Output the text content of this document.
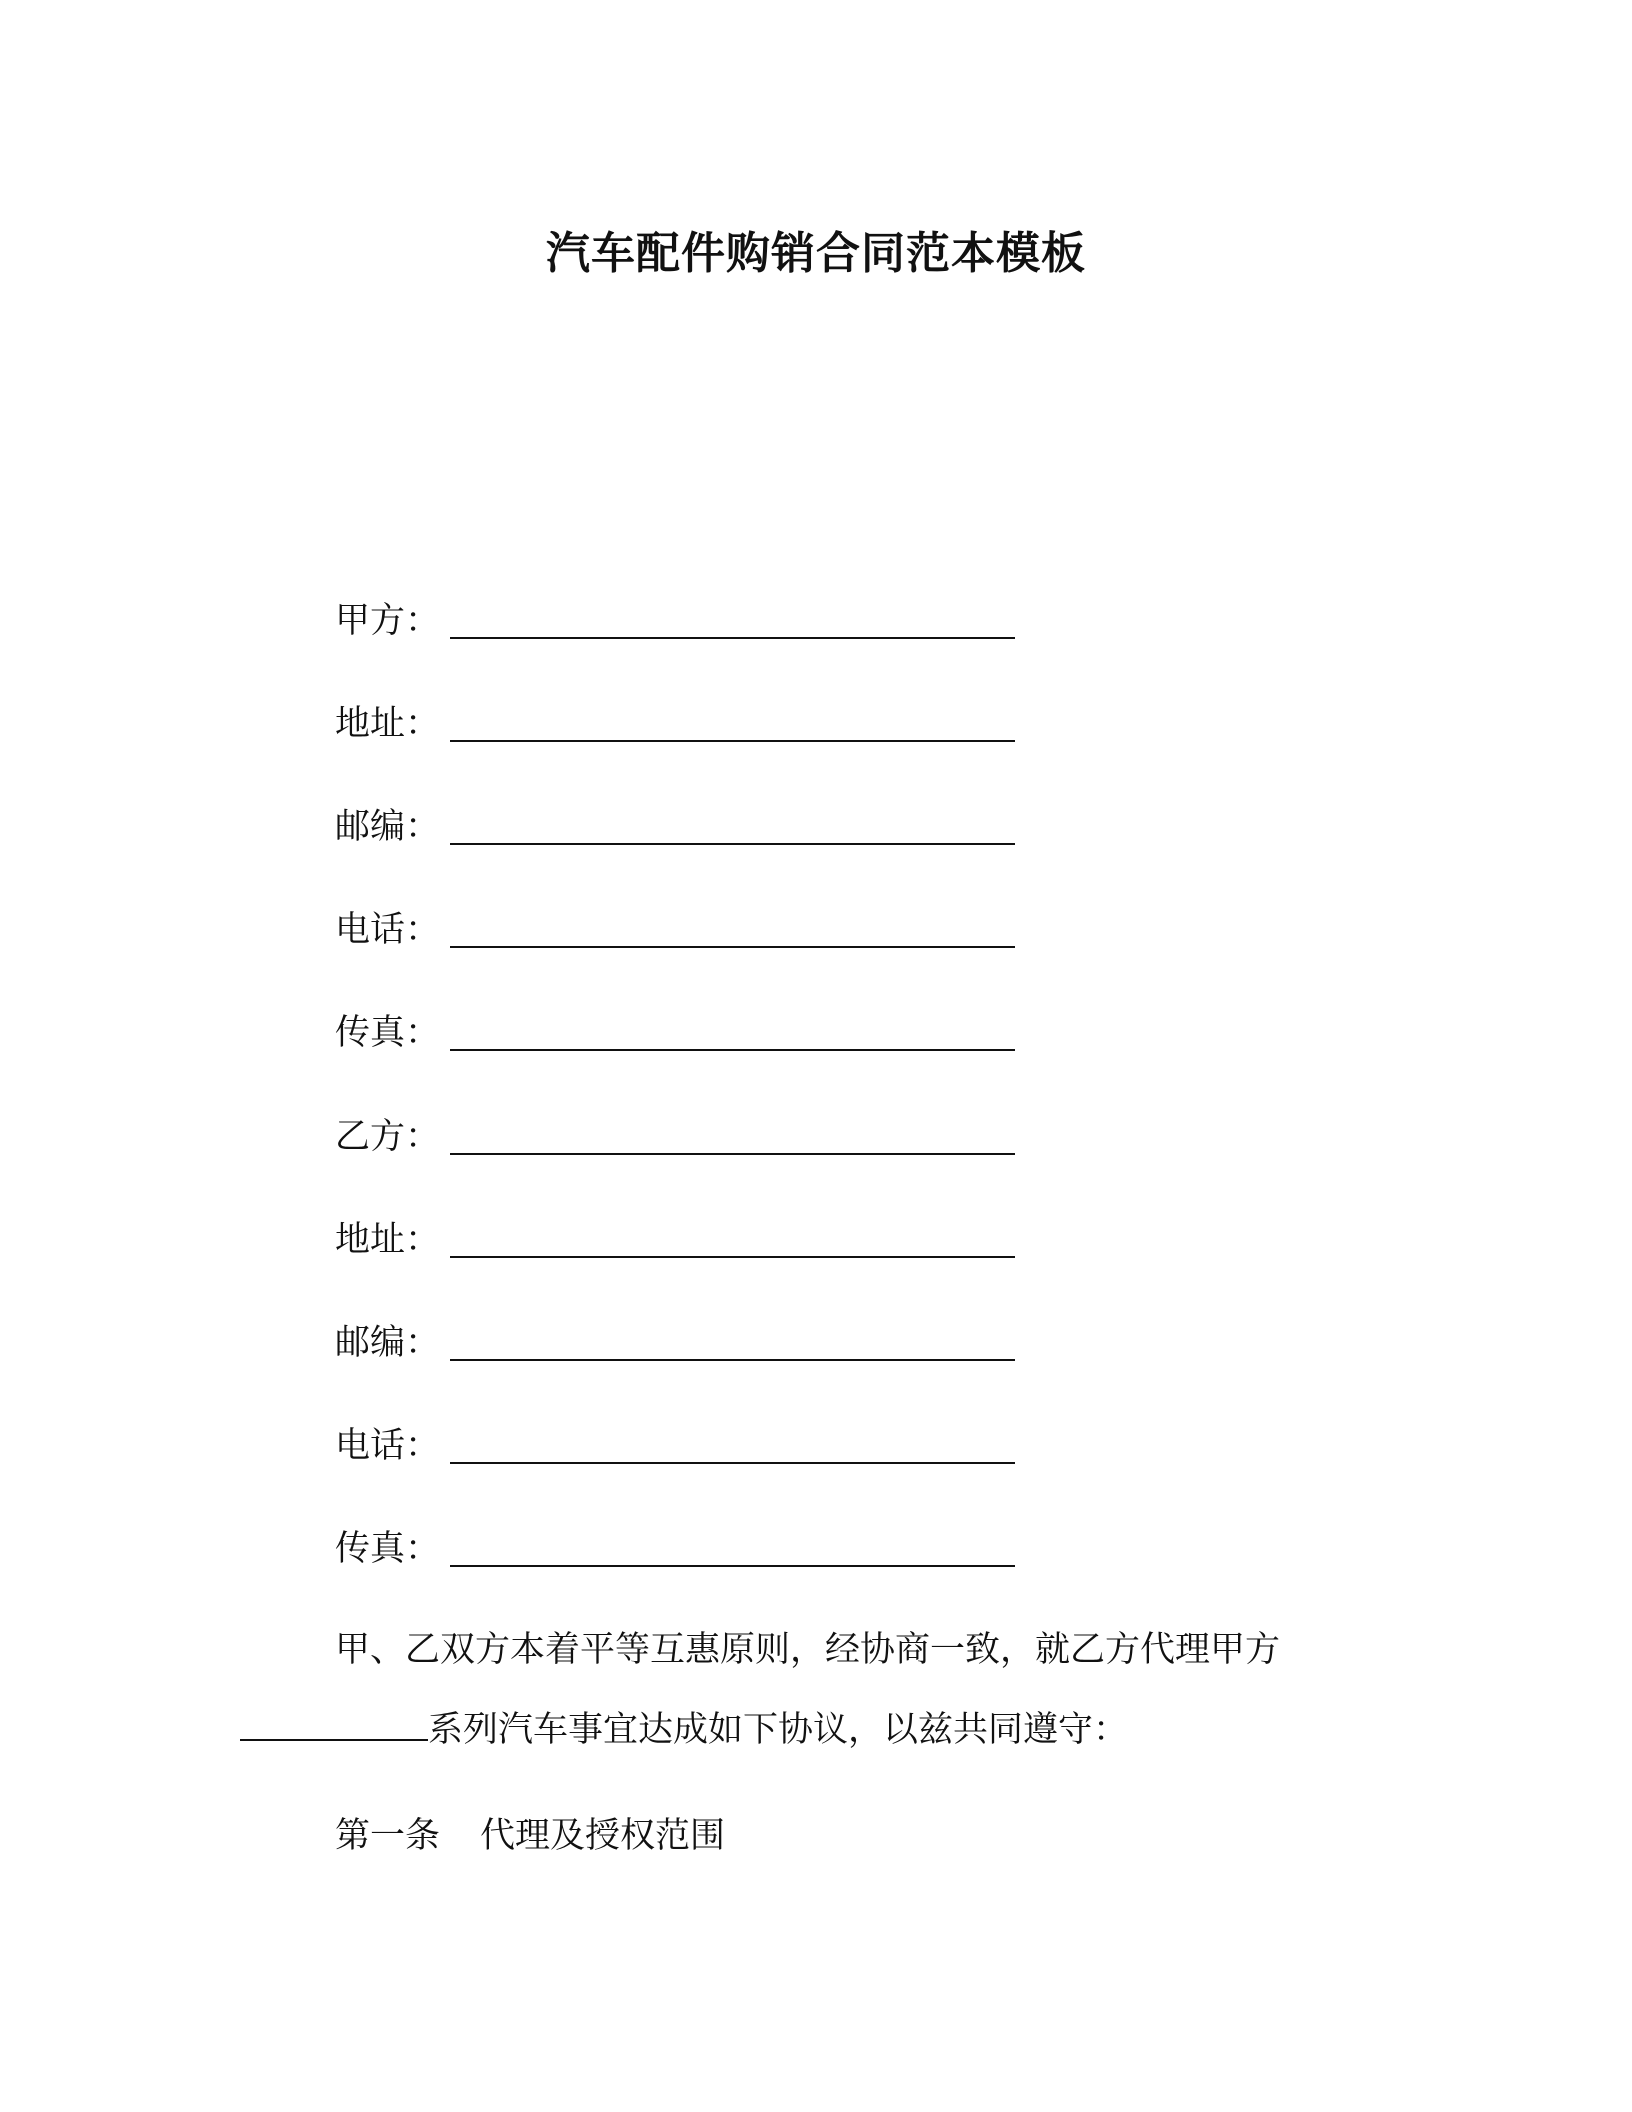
汽车配件购销合同范本模板
甲方：
地址：
邮编：
电话：
传真：
乙方：
地址：
邮编：
电话：
传真：
甲、乙双方本着平等互惠原则，经协商一致，就乙方代理甲方
系列汽车事宜达成如下协议，以兹共同遵守：
第一条 代理及授权范围
